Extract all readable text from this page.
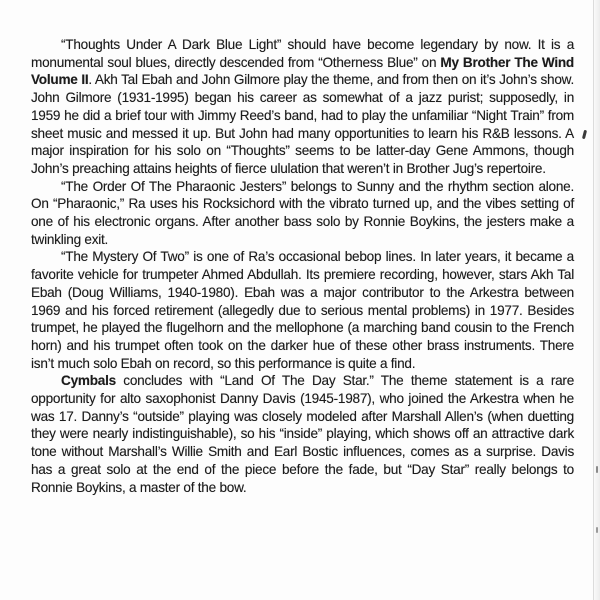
“Thoughts Under A Dark Blue Light” should have become legendary by now. It is a monumental soul blues, directly descended from “Otherness Blue” on My Brother The Wind Volume II. Akh Tal Ebah and John Gilmore play the theme, and from then on it’s John’s show. John Gilmore (1931-1995) began his career as somewhat of a jazz purist; supposedly, in 1959 he did a brief tour with Jimmy Reed’s band, had to play the unfamiliar “Night Train” from sheet music and messed it up. But John had many opportunities to learn his R&B lessons. A major inspiration for his solo on “Thoughts” seems to be latter-day Gene Ammons, though John’s preaching attains heights of fierce ululation that weren’t in Brother Jug’s repertoire.

“The Order Of The Pharaonic Jesters” belongs to Sunny and the rhythm section alone. On “Pharaonic,” Ra uses his Rocksichord with the vibrato turned up, and the vibes setting of one of his electronic organs. After another bass solo by Ronnie Boykins, the jesters make a twinkling exit.

“The Mystery Of Two” is one of Ra’s occasional bebop lines. In later years, it became a favorite vehicle for trumpeter Ahmed Abdullah. Its premiere recording, however, stars Akh Tal Ebah (Doug Williams, 1940-1980). Ebah was a major contributor to the Arkestra between 1969 and his forced retirement (allegedly due to serious mental problems) in 1977. Besides trumpet, he played the flugelhorn and the mellophone (a marching band cousin to the French horn) and his trumpet often took on the darker hue of these other brass instruments. There isn’t much solo Ebah on record, so this performance is quite a find.

Cymbals concludes with “Land Of The Day Star.” The theme statement is a rare opportunity for alto saxophonist Danny Davis (1945-1987), who joined the Arkestra when he was 17. Danny’s “outside” playing was closely modeled after Marshall Allen’s (when duetting they were nearly indistinguishable), so his “inside” playing, which shows off an attractive dark tone without Marshall’s Willie Smith and Earl Bostic influences, comes as a surprise. Davis has a great solo at the end of the piece before the fade, but “Day Star” really belongs to Ronnie Boykins, a master of the bow.
